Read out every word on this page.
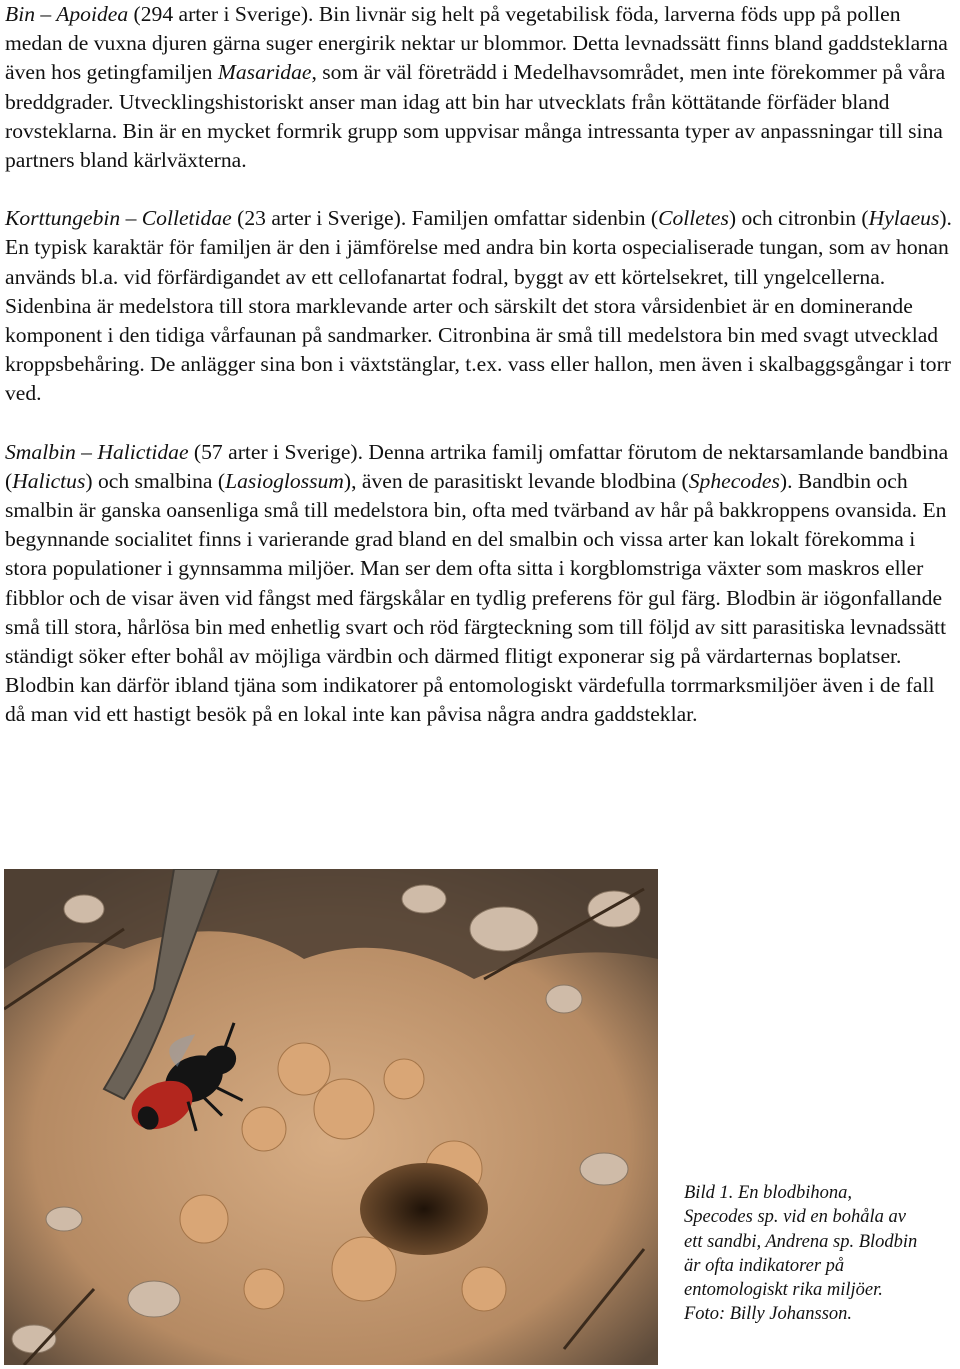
Bin – Apoidea (294 arter i Sverige). Bin livnär sig helt på vegetabilisk föda, larverna föds upp på pollen medan de vuxna djuren gärna suger energirik nektar ur blommor. Detta levnadssätt finns bland gaddsteklarna även hos getingfamiljen Masaridae, som är väl företrädd i Medelhavsområdet, men inte förekommer på våra breddgrader. Utvecklingshistoriskt anser man idag att bin har utvecklats från köttätande förfäder bland rovsteklarna. Bin är en mycket formrik grupp som uppvisar många intressanta typer av anpassningar till sina partners bland kärlväxterna.

Korttungebin – Colletidae (23 arter i Sverige). Familjen omfattar sidenbin (Colletes) och citronbin (Hylaeus). En typisk karaktär för familjen är den i jämförelse med andra bin korta ospecialiserade tungan, som av honan används bl.a. vid förfärdigandet av ett cellofanartat fodral, byggt av ett körtelsekret, till yngelcellerna. Sidenbina är medelstora till stora marklevande arter och särskilt det stora vårsidenbiet är en dominerande komponent i den tidiga vårfaunan på sandmarker. Citronbina är små till medelstora bin med svagt utvecklad kroppsbehåring. De anlägger sina bon i växtstänglar, t.ex. vass eller hallon, men även i skalbaggsgångar i torr ved.

Smalbin – Halictidae (57 arter i Sverige). Denna artrika familj omfattar förutom de nektarsamlande bandbina (Halictus) och smalbina (Lasioglossum), även de parasitiskt levande blodbina (Sphecodes). Bandbin och smalbin är ganska oansenliga små till medelstora bin, ofta med tvärband av hår på bakkroppens ovansida. En begynnande socialitet finns i varierande grad bland en del smalbin och vissa arter kan lokalt förekomma i stora populationer i gynnsamma miljöer. Man ser dem ofta sitta i korgblomstriga växter som maskros eller fibblor och de visar även vid fångst med färgskålar en tydlig preferens för gul färg. Blodbin är iögonfallande små till stora, hårlösa bin med enhetlig svart och röd färgteckning som till följd av sitt parasitiska levnadssätt ständigt söker efter bohål av möjliga värdbin och därmed flitigt exponerar sig på värdarternas boplatser. Blodbin kan därför ibland tjäna som indikatorer på entomologiskt värdefulla torrmarksmiljöer även i de fall då man vid ett hastigt besök på en lokal inte kan påvisa några andra gaddsteklar.

Bild 1. En blodbihona,
Specodes sp. vid en bohåla av
ett sandbi, Andrena sp. Blodbin
är ofta indikatorer på
entomologiskt rika miljöer.
Foto: Billy Johansson.
